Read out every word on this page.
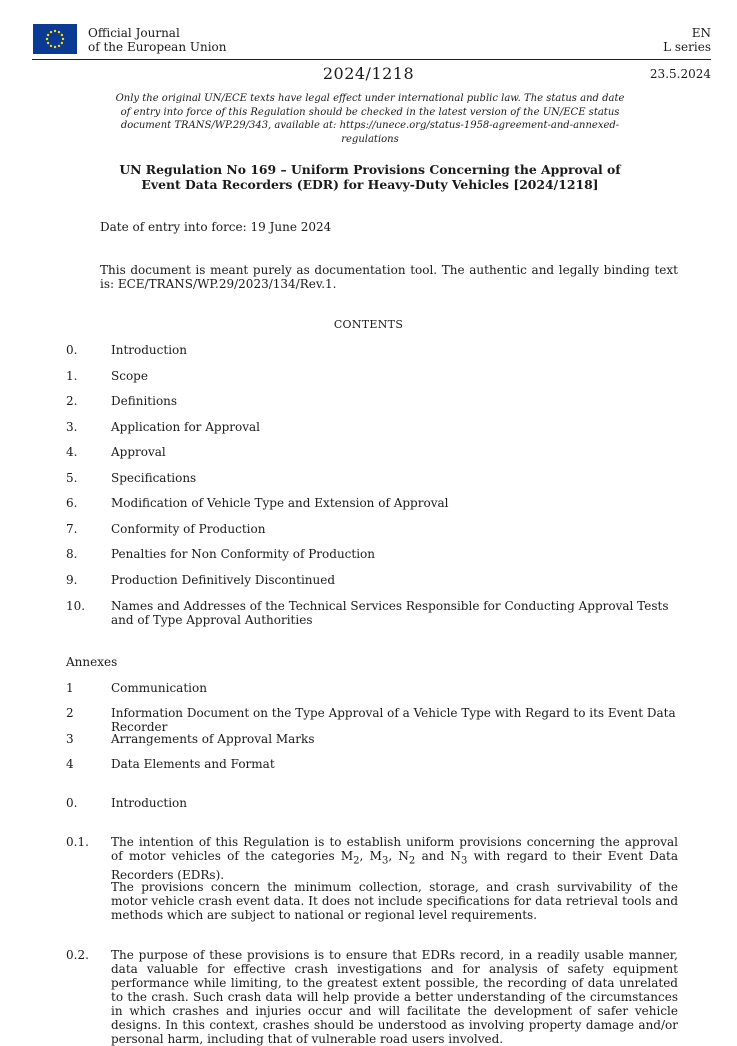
Official Journal
of the European Union
EN
L series
2024/1218	23.5.2024
Only the original UN/ECE texts have legal effect under international public law. The status and date of entry into force of this Regulation should be checked in the latest version of the UN/ECE status document TRANS/WP.29/343, available at: https://unece.org/status-1958-agreement-and-annexed-regulations
UN Regulation No 169 – Uniform Provisions Concerning the Approval of Event Data Recorders (EDR) for Heavy-Duty Vehicles [2024/1218]
Date of entry into force: 19 June 2024
This document is meant purely as documentation tool. The authentic and legally binding text is: ECE/TRANS/WP.29/2023/134/Rev.1.
CONTENTS
0.	Introduction
1.	Scope
2.	Definitions
3.	Application for Approval
4.	Approval
5.	Specifications
6.	Modification of Vehicle Type and Extension of Approval
7.	Conformity of Production
8.	Penalties for Non Conformity of Production
9.	Production Definitively Discontinued
10. Names and Addresses of the Technical Services Responsible for Conducting Approval Tests and of Type Approval Authorities
Annexes
1	Communication
2	Information Document on the Type Approval of a Vehicle Type with Regard to its Event Data Recorder
3	Arrangements of Approval Marks
4	Data Elements and Format
0.	Introduction
0.1. The intention of this Regulation is to establish uniform provisions concerning the approval of motor vehicles of the categories $M_2$, $M_3$, $N_2$ and $N_3$ with regard to their Event Data Recorders (EDRs).
The provisions concern the minimum collection, storage, and crash survivability of the motor vehicle crash event data. It does not include specifications for data retrieval tools and methods which are subject to national or regional level requirements.
0.2. The purpose of these provisions is to ensure that EDRs record, in a readily usable manner, data valuable for effective crash investigations and for analysis of safety equipment performance while limiting, to the greatest extent possible, the recording of data unrelated to the crash. Such crash data will help provide a better understanding of the circumstances in which crashes and injuries occur and will facilitate the development of safer vehicle designs. In this context, crashes should be understood as involving property damage and/or personal harm, including that of vulnerable road users involved.
